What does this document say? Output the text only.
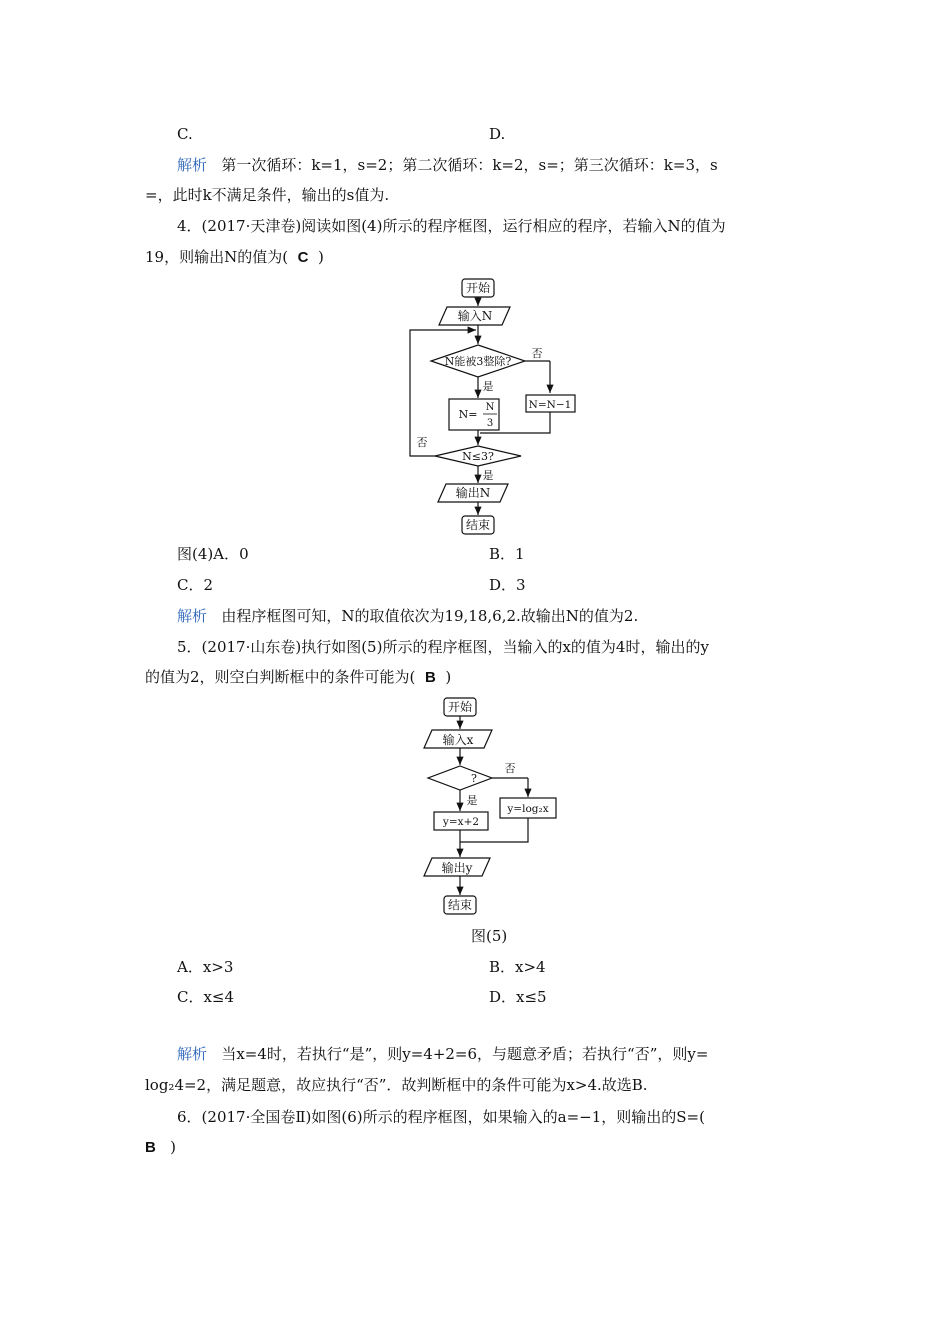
C.	D.
解析 第一次循环：k=1，s=2；第二次循环：k=2，s=；第三次循环：k=3，s
=，此时k不满足条件，输出的s值为.
4．(2017·天津卷)阅读如图(4)所示的程序框图，运行相应的程序，若输入N的值为
19，则输出N的值为( C )
开始
输入N
N能被3整除?
否
是
N=
N
3
N=N−1
N≤3?
否
是
输出N
结束
图(4)A．0	B．1
C．2	D．3
解析 由程序框图可知，N的取值依次为19,18,6,2.故输出N的值为2.
5．(2017·山东卷)执行如图(5)所示的程序框图，当输入的x的值为4时，输出的y
的值为2，则空白判断框中的条件可能为( B )
开始
输入x
?
否
是
y=log₂x
y=x+2
输出y
结束
图(5)
A．x>3	B．x>4
C．x≤4	D．x≤5
解析 当x=4时，若执行“是”，则y=4+2=6，与题意矛盾；若执行“否”，则y=
log₂4=2，满足题意，故应执行“否”．故判断框中的条件可能为x>4.故选B.
6．(2017·全国卷Ⅱ)如图(6)所示的程序框图，如果输入的a=−1，则输出的S=(
B )
